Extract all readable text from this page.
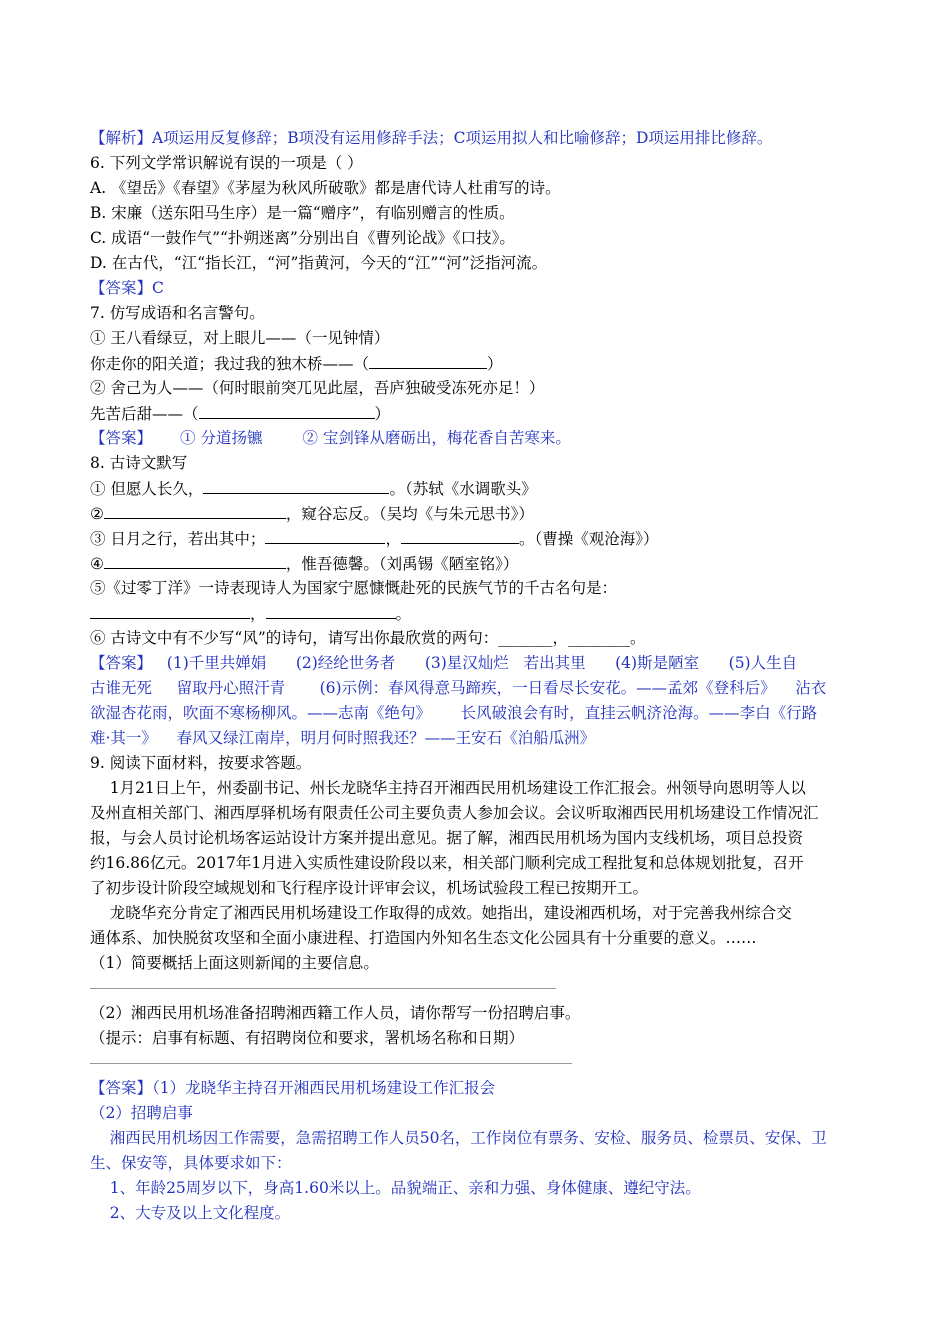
【解析】A项运用反复修辞；B项没有运用修辞手法；C项运用拟人和比喻修辞；D项运用排比修辞。
6. 下列文学常识解说有误的一项是（ ）
A. 《望岳》《春望》《茅屋为秋风所破歌》都是唐代诗人杜甫写的诗。
B. 宋廉（送东阳马生序）是一篇“赠序”，有临别赠言的性质。
C. 成语“一鼓作气”“扑朔迷离”分别出自《曹列论战》《口技》。
D. 在古代，“江“指长江，“河”指黄河，今天的“江”“河”泛指河流。
【答案】C
7. 仿写成语和名言警句。
① 王八看绿豆，对上眼儿——（一见钟情）
你走你的阳关道；我过我的独木桥——（	）
② 舍己为人——（何时眼前突兀见此屋，吾庐独破受冻死亦足！）
先苦后甜——（	）
【答案】 ① 分道扬镳	② 宝剑锋从磨砺出，梅花香自苦寒来。
8. 古诗文默写
① 但愿人长久，	。（苏轼《水调歌头》
②	，窥谷忘反。（吴均《与朱元思书》）
③ 日月之行，若出其中；	，	。（曹操《观沧海》）
④	，惟吾德馨。（刘禹锡《陋室铭》）
⑤《过零丁洋》一诗表现诗人为国家宁愿慷慨赴死的民族气节的千古名句是：
，	。
⑥ 古诗文中有不少写“风”的诗句，请写出你最欣赏的两句：_______，________。
【答案】   (1)千里共婵娟      (2)经纶世务者      (3)星汉灿烂   若出其里      (4)斯是陋室      (5)人生自
古谁无死     留取丹心照汗青       (6)示例：春风得意马蹄疾，一日看尽长安花。——孟郊《登科后》    沾衣
欲湿杏花雨，吹面不寒杨柳风。——志南《绝句》      长风破浪会有时，直挂云帆济沧海。——李白《行路
难·其一》    春风又绿江南岸，明月何时照我还？——王安石《泊船瓜洲》
9. 阅读下面材料，按要求答题。
1月21日上午，州委副书记、州长龙晓华主持召开湘西民用机场建设工作汇报会。州领导向恩明等人以
及州直相关部门、湘西厚驿机场有限责任公司主要负责人参加会议。会议听取湘西民用机场建设工作情况汇
报，与会人员讨论机场客运站设计方案并提出意见。据了解，湘西民用机场为国内支线机场，项目总投资
约16.86亿元。2017年1月进入实质性建设阶段以来，相关部门顺利完成工程批复和总体规划批复，召开
了初步设计阶段空域规划和飞行程序设计评审会议，机场试验段工程已按期开工。
龙晓华充分肯定了湘西民用机场建设工作取得的成效。她指出，建设湘西机场，对于完善我州综合交
通体系、加快脱贫攻坚和全面小康进程、打造国内外知名生态文化公园具有十分重要的意义。……
（1）简要概括上面这则新闻的主要信息。
（2）湘西民用机场准备招聘湘西籍工作人员，请你帮写一份招聘启事。
（提示：启事有标题、有招聘岗位和要求，署机场名称和日期）
【答案】（1）龙晓华主持召开湘西民用机场建设工作汇报会
（2）招聘启事
湘西民用机场因工作需要，急需招聘工作人员50名，工作岗位有票务、安检、服务员、检票员、安保、卫
生、保安等，具体要求如下：
1、年龄25周岁以下，身高1.60米以上。品貌端正、亲和力强、身体健康、遵纪守法。
2、大专及以上文化程度。
